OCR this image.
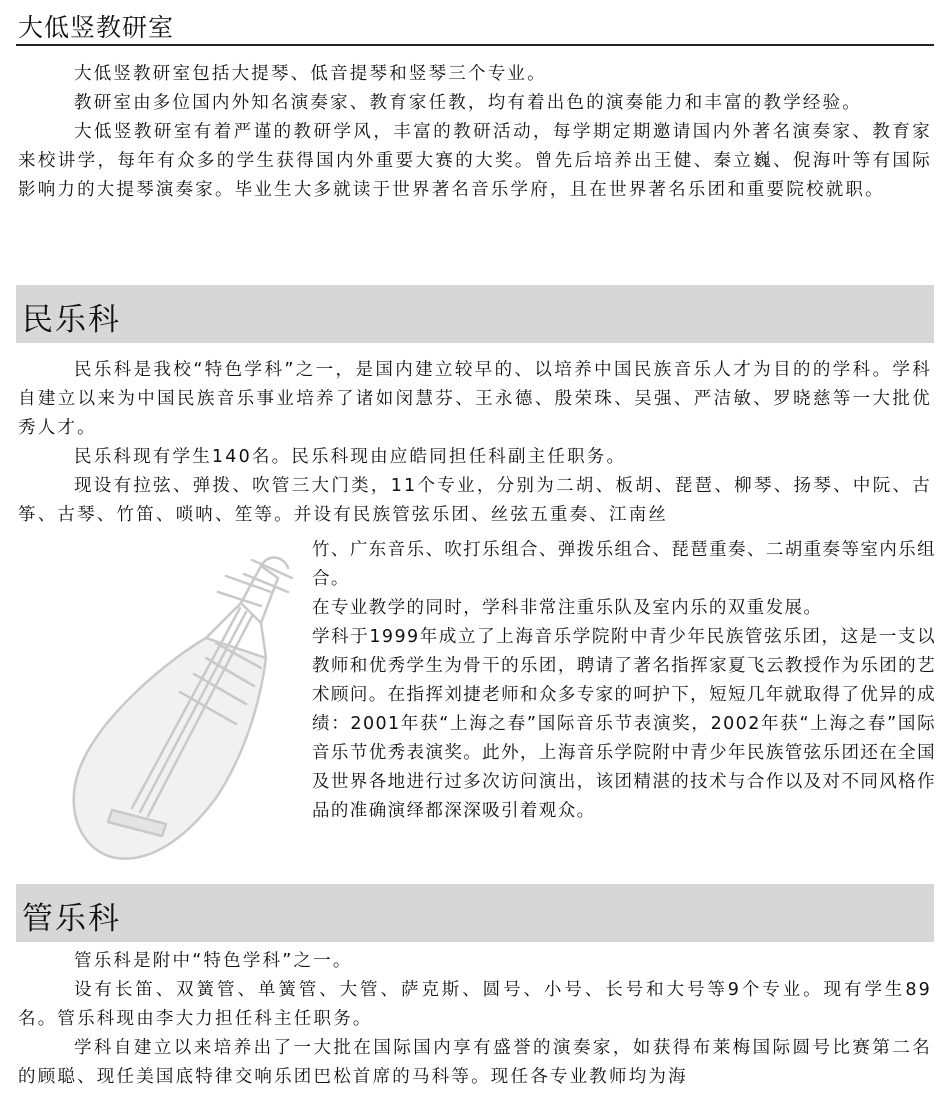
大低竖教研室

大低竖教研室包括大提琴、低音提琴和竖琴三个专业。

教研室由多位国内外知名演奏家、教育家任教，均有着出色的演奏能力和丰富的教学经验。

大低竖教研室有着严谨的教研学风，丰富的教研活动，每学期定期邀请国内外著名演奏家、教育家来校讲学，每年有众多的学生获得国内外重要大赛的大奖。曾先后培养出王健、秦立巍、倪海叶等有国际影响力的大提琴演奏家。毕业生大多就读于世界著名音乐学府，且在世界著名乐团和重要院校就职。

民乐科

民乐科是我校“特色学科”之一，是国内建立较早的、以培养中国民族音乐人才为目的的学科。学科自建立以来为中国民族音乐事业培养了诸如闵慧芬、王永德、殷荣珠、吴强、严洁敏、罗晓慈等一大批优秀人才。

民乐科现有学生140名。民乐科现由应皓同担任科副主任职务。

现设有拉弦、弹拨、吹管三大门类，11个专业，分别为二胡、板胡、琵琶、柳琴、扬琴、中阮、古筝、古琴、竹笛、唢呐、笙等。并设有民族管弦乐团、丝弦五重奏、江南丝

竹、广东音乐、吹打乐组合、弹拨乐组合、琵琶重奏、二胡重奏等室内乐组合。

在专业教学的同时，学科非常注重乐队及室内乐的双重发展。

学科于1999年成立了上海音乐学院附中青少年民族管弦乐团，这是一支以教师和优秀学生为骨干的乐团，聘请了著名指挥家夏飞云教授作为乐团的艺术顾问。在指挥刘捷老师和众多专家的呵护下，短短几年就取得了优异的成绩：2001年获“上海之春”国际音乐节表演奖，2002年获“上海之春”国际音乐节优秀表演奖。此外，上海音乐学院附中青少年民族管弦乐团还在全国及世界各地进行过多次访问演出，该团精湛的技术与合作以及对不同风格作品的准确演绎都深深吸引着观众。

管乐科

管乐科是附中“特色学科”之一。

设有长笛、双簧管、单簧管、大管、萨克斯、圆号、小号、长号和大号等9个专业。现有学生89名。管乐科现由李大力担任科主任职务。

学科自建立以来培养出了一大批在国际国内享有盛誉的演奏家，如获得布莱梅国际圆号比赛第二名的顾聪、现任美国底特律交响乐团巴松首席的马科等。现任各专业教师均为海
